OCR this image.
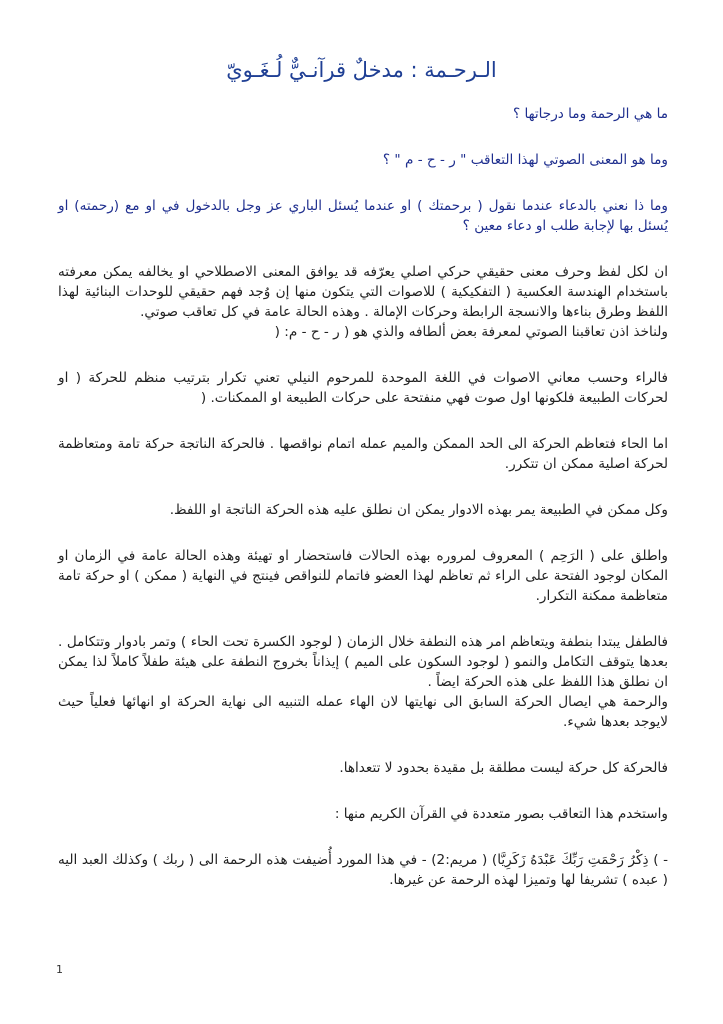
الـرحـمة : مدخلٌ قرآنـيٌّ لُـغَـويّ

ما هي الرحمة وما درجاتها ؟

وما هو المعنى الصوتي لهذا التعاقب " ر - ح - م " ؟

وما ذا نعني بالدعاء عندما نقول ( برحمتك ) او عندما يُسئل الباري عز وجل بالدخول في او مع (رحمته) او يُسئل بها لإجابة طلب او دعاء معين ؟

ان لكل لفظ وحرف معنى حقيقي حركي اصلي يعرّفه قد يوافق المعنى الاصطلاحي او يخالفه يمكن معرفته باستخدام الهندسة العكسية ( التفكيكية ) للاصوات التي يتكون منها إن وُجد فهم حقيقي للوحدات البنائية لهذا اللفظ وطرق بناءها والانسجة الرابطة وحركات الإمالة . وهذه الحالة عامة في كل تعاقب صوتي.

ولناخذ اذن تعاقبنا الصوتي لمعرفة بعض ألطافه والذي هو ( ر - ح - م: (

فالراء وحسب معاني الاصوات في اللغة الموحدة للمرحوم النيلي تعني تكرار بترتيب منظم للحركة ( او لحركات الطبيعة فلكونها اول صوت فهي منفتحة على حركات الطبيعة او الممكنات. (

اما الحاء فتعاظم الحركة الى الحد الممكن والميم عمله اتمام نواقصها . فالحركة الناتجة حركة تامة ومتعاظمة لحركة اصلية ممكن ان تتكرر.

وكل ممكن في الطبيعة يمر بهذه الادوار يمكن ان نطلق عليه هذه الحركة الناتجة او اللفظ.

واطلق على ( الرَحِم ) المعروف لمروره بهذه الحالات فاستحضار او تهيئة وهذه الحالة عامة في الزمان او المكان لوجود الفتحة على الراء ثم تعاظم لهذا العضو فاتمام للنواقص فينتج في النهاية ( ممكن ) او حركة تامة متعاظمة ممكنة التكرار.

فالطفل يبتدا بنطفة ويتعاظم امر هذه النطفة خلال الزمان ( لوجود الكسرة تحت الحاء ) وتمر بادوار وتتكامل . بعدها يتوقف التكامل والنمو ( لوجود السكون على الميم ) إيذاناً بخروج النطفة على هيئة طفلاً كاملاً لذا يمكن ان نطلق هذا اللفظ على هذه الحركة ايضاً .

والرحمة هي ايصال الحركة السابق الى نهايتها لان الهاء عمله التنبيه الى نهاية الحركة او انهائها فعلياً حيث لايوجد بعدها شيء.

فالحركة كل حركة ليست مطلقة بل مقيدة بحدود لا تتعداها.

واستخدم هذا التعاقب بصور متعددة في القرآن الكريم منها :

- ) ذِكْرُ رَحْمَتِ رَبِّكَ عَبْدَهُ زَكَرِيَّا) ( مريم:2) - في هذا المورد أُضيفت هذه الرحمة الى ( ربك ) وكذلك العبد اليه ( عبده ) تشريفا لها وتميزا لهذه الرحمة عن غيرها.

1
